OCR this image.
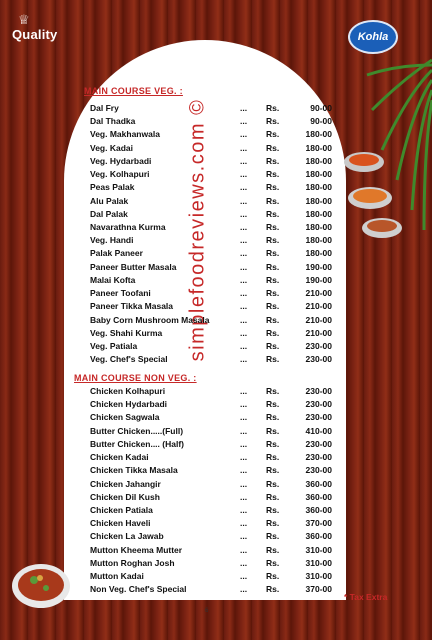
♕
Quality	Kohla
simplefoodreviews.com ©
MAIN COURSE VEG. :
Dal Fry	... Rs.	90-00
Dal Thadka	... Rs.	90-00
Veg. Makhanwala	... Rs.	180-00
Veg. Kadai	... Rs.	180-00
Veg. Hydarbadi	... Rs.	180-00
Veg. Kolhapuri	... Rs.	180-00
Peas Palak	... Rs.	180-00
Alu Palak	... Rs.	180-00
Dal Palak	... Rs.	180-00
Navarathna Kurma	... Rs.	180-00
Veg. Handi	... Rs.	180-00
Palak Paneer	... Rs.	180-00
Paneer Butter Masala	... Rs.	190-00
Malai Kofta	... Rs.	190-00
Paneer Toofani	... Rs.	210-00
Paneer Tikka Masala	... Rs.	210-00
Baby Corn Mushroom Masala	... Rs.	210-00
Veg. Shahi Kurma	... Rs.	210-00
Veg. Patiala	... Rs.	230-00
Veg. Chef's Special	... Rs.	230-00
MAIN COURSE NON VEG. :
Chicken Kolhapuri	... Rs.	230-00
Chicken Hydarbadi	... Rs.	230-00
Chicken Sagwala	... Rs.	230-00
Butter Chicken.....(Full)	... Rs.	410-00
Butter Chicken.... (Half)	... Rs.	230-00
Chicken Kadai	... Rs.	230-00
Chicken Tikka Masala	... Rs.	230-00
Chicken Jahangir	... Rs.	360-00
Chicken Dil Kush	... Rs.	360-00
Chicken Patiala	... Rs.	360-00
Chicken Haveli	... Rs.	370-00
Chicken La Jawab	... Rs.	360-00
Mutton Kheema Mutter	... Rs.	310-00
Mutton Roghan Josh	... Rs.	310-00
Mutton Kadai	... Rs.	310-00
Non Veg. Chef's Special	... Rs.	370-00
* Tax Extra
6
